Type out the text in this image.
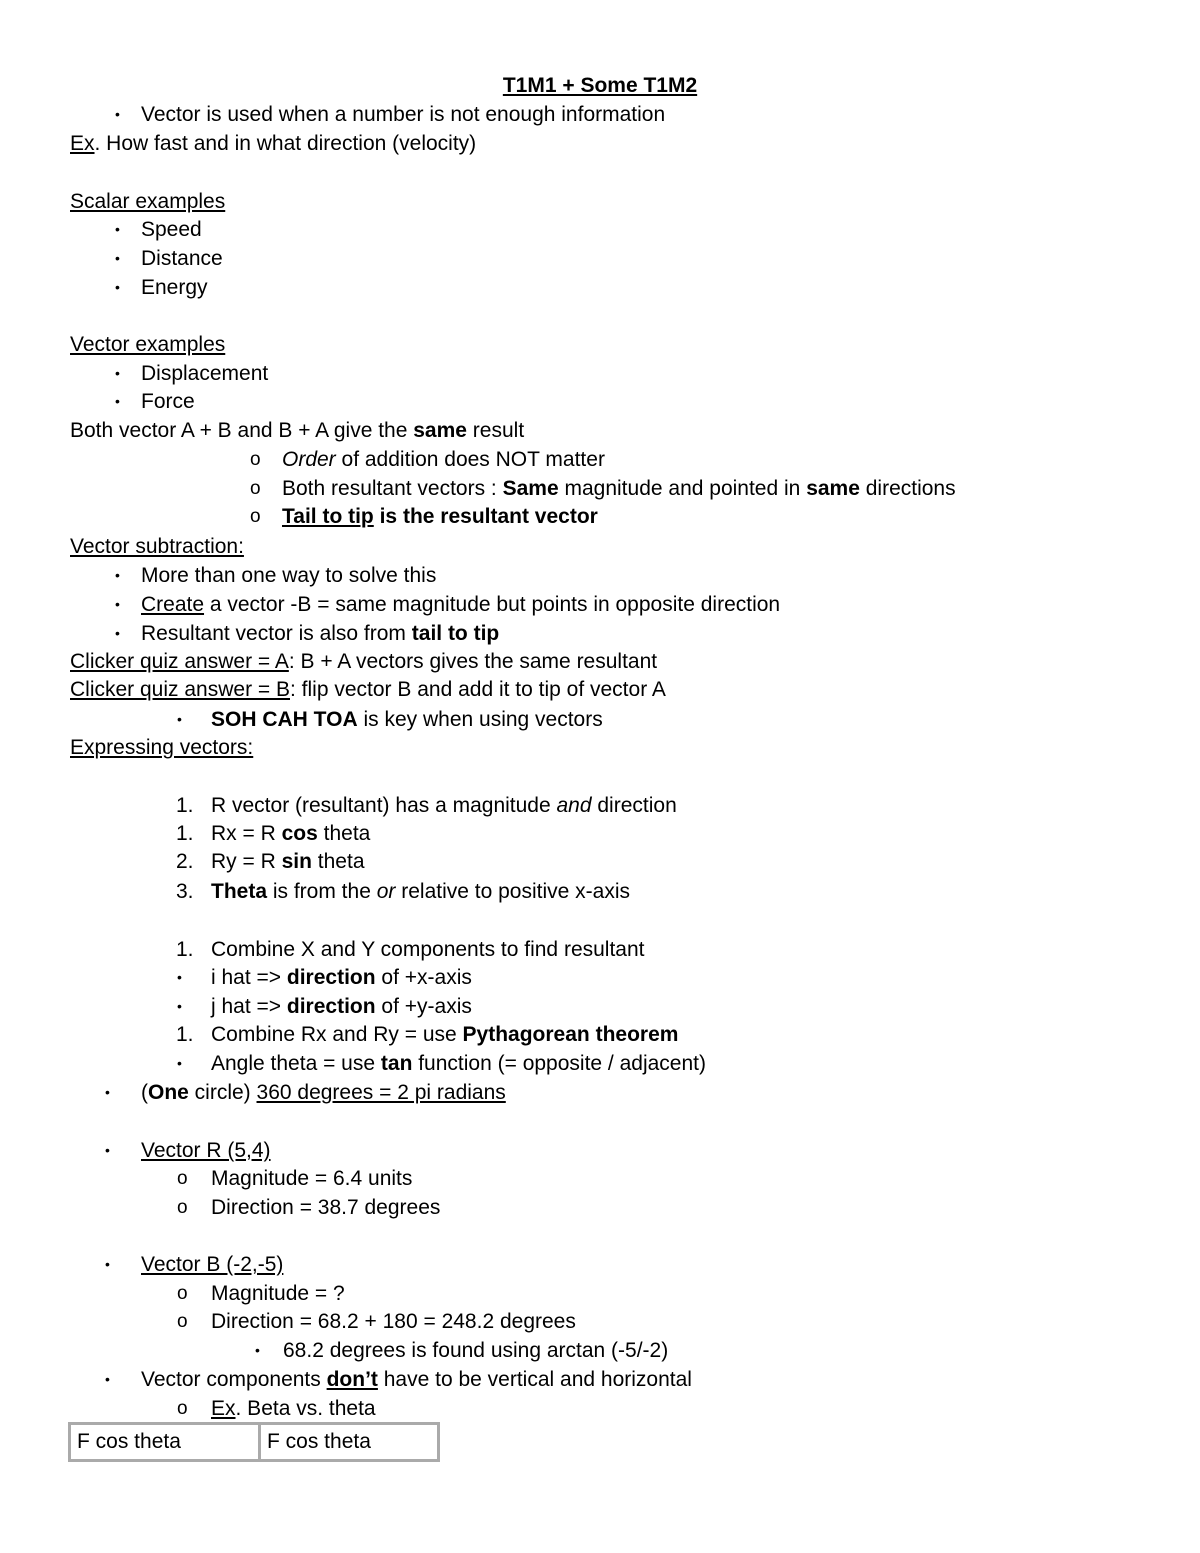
T1M1 + Some T1M2
• Vector is used when a number is not enough information
Ex. How fast and in what direction (velocity)
Scalar examples
• Speed
• Distance
• Energy
Vector examples
• Displacement
• Force
Both vector A + B and B + A give the same result
o Order of addition does NOT matter
o Both resultant vectors : Same magnitude and pointed in same directions
o Tail to tip is the resultant vector
Vector subtraction:
• More than one way to solve this
• Create a vector -B = same magnitude but points in opposite direction
• Resultant vector is also from tail to tip
Clicker quiz answer = A: B + A vectors gives the same resultant
Clicker quiz answer = B: flip vector B and add it to tip of vector A
• SOH CAH TOA is key when using vectors
Expressing vectors:
1. R vector (resultant) has a magnitude and direction
1. Rx = R cos theta
2. Ry = R sin theta
3. Theta is from the or relative to positive x-axis
1. Combine X and Y components to find resultant
• i hat => direction of +x-axis
• j hat => direction of +y-axis
1. Combine Rx and Ry = use Pythagorean theorem
• Angle theta = use tan function (= opposite / adjacent)
• (One circle) 360 degrees = 2 pi radians
• Vector R (5,4)
o Magnitude = 6.4 units
o Direction = 38.7 degrees
• Vector B (-2,-5)
o Magnitude = ?
o Direction = 68.2 + 180 = 248.2 degrees
• 68.2 degrees is found using arctan (-5/-2)
• Vector components don’t have to be vertical and horizontal
o Ex. Beta vs. theta
F cos theta	F cos theta
